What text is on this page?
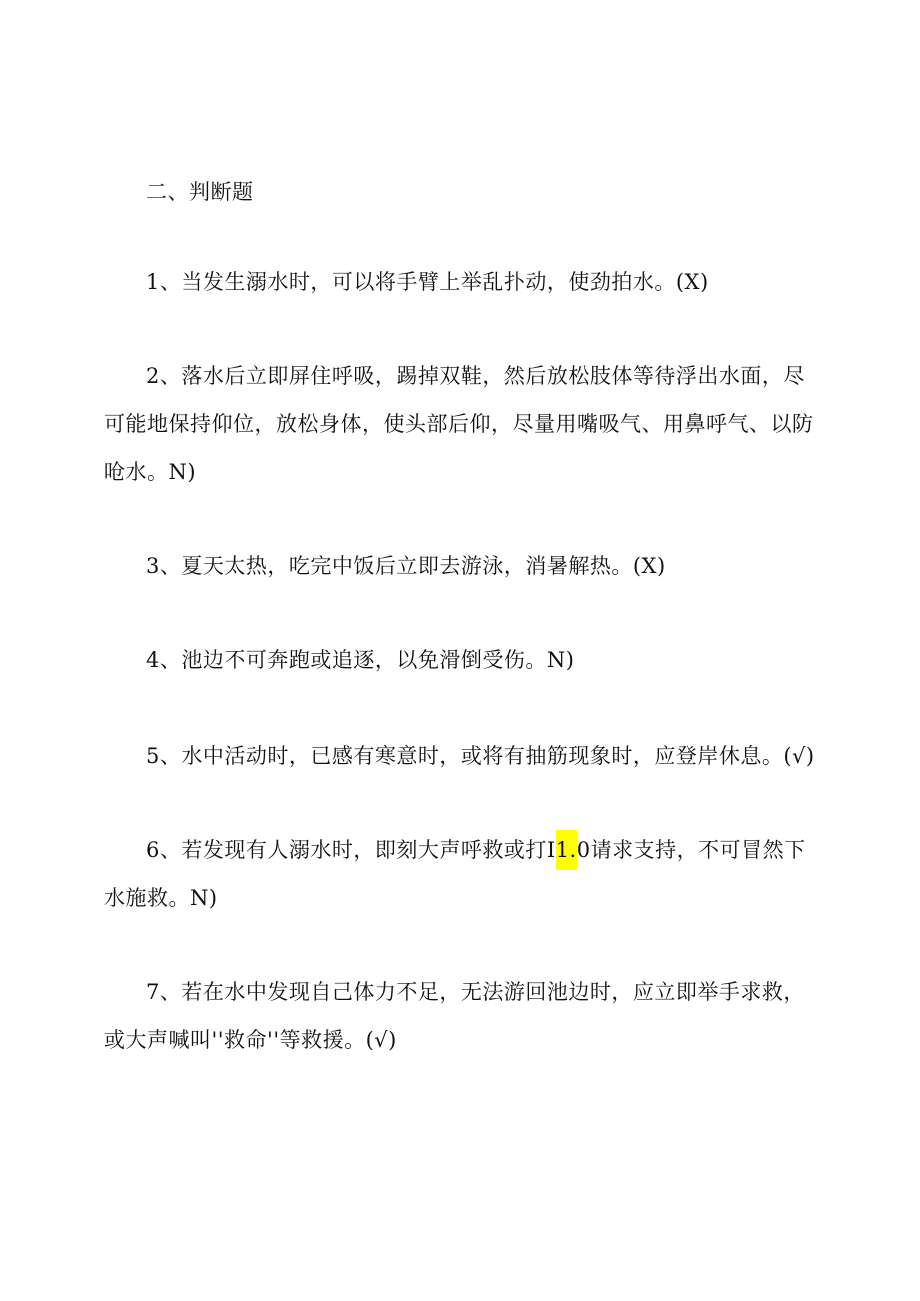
二、判断题
1、当发生溺水时，可以将手臂上举乱扑动，使劲拍水。(X)
2、落水后立即屏住呼吸，踢掉双鞋，然后放松肢体等待浮出水面，尽
可能地保持仰位，放松身体，使头部后仰，尽量用嘴吸气、用鼻呼气、以防
呛水。N)
3、夏天太热，吃完中饭后立即去游泳，消暑解热。(X)
4、池边不可奔跑或追逐，以免滑倒受伤。N)
5、水中活动时，已感有寒意时，或将有抽筋现象时，应登岸休息。(√)
6、若发现有人溺水时，即刻大声呼救或打I1.0请求支持，不可冒然下
水施救。N)
7、若在水中发现自己体力不足，无法游回池边时，应立即举手求救，
或大声喊叫''救命''等救援。(√)
